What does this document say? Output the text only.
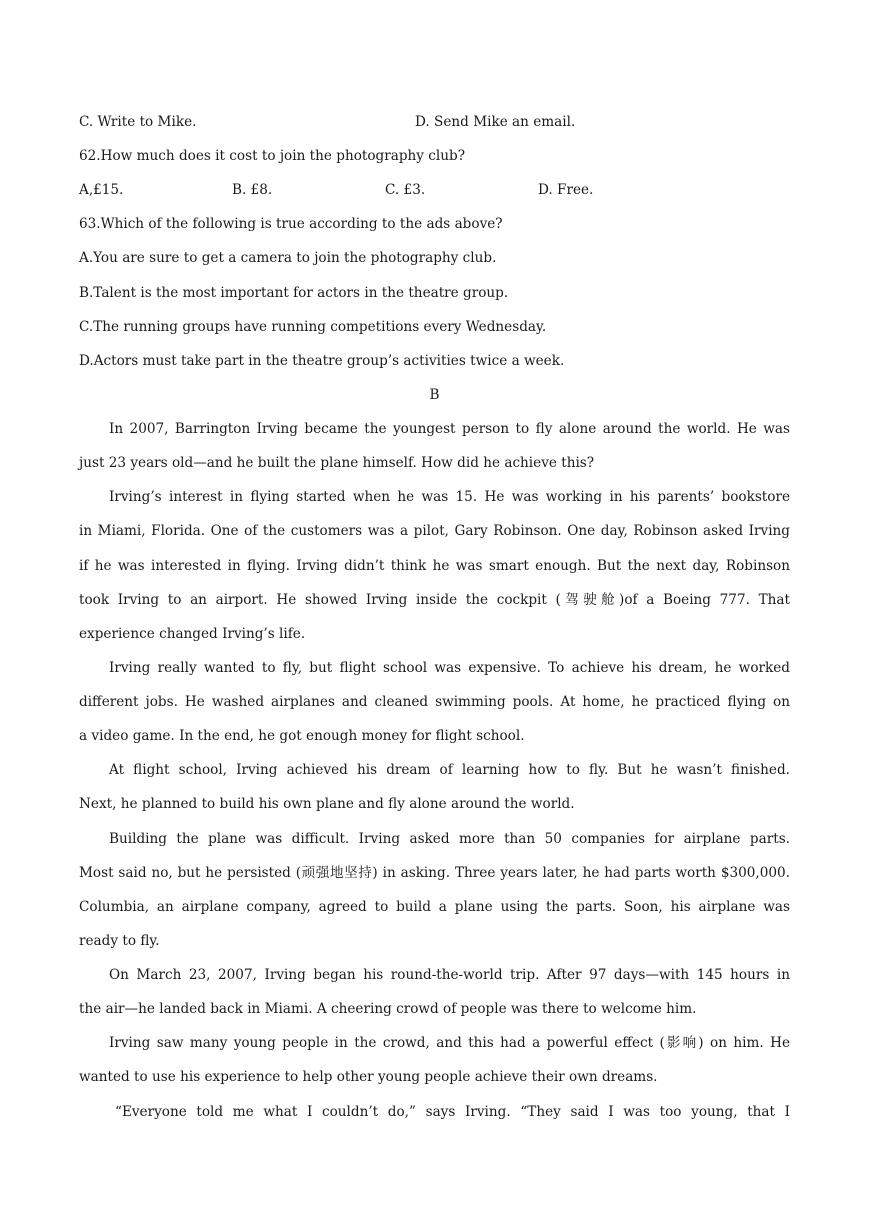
C. Write to Mike.	D. Send Mike an email.
62.How much does it cost to join the photography club?
A,£15.	B. £8.	C. £3.	D. Free.
63.Which of the following is true according to the ads above?
A.You are sure to get a camera to join the photography club.
B.Talent is the most important for actors in the theatre group.
C.The running groups have running competitions every Wednesday.
D.Actors must take part in the theatre group’s activities twice a week.
B
In 2007, Barrington Irving became the youngest person to fly alone around the world. He was
just 23 years old—and he built the plane himself. How did he achieve this?
Irving’s interest in flying started when he was 15. He was working in his parents’ bookstore
in Miami, Florida. One of the customers was a pilot, Gary Robinson. One day, Robinson asked Irving
if he was interested in flying. Irving didn’t think he was smart enough. But the next day, Robinson
took Irving to an airport. He showed Irving inside the cockpit (驾驶舱)of a Boeing 777. That
experience changed Irving’s life.
Irving really wanted to fly, but flight school was expensive. To achieve his dream, he worked
different jobs. He washed airplanes and cleaned swimming pools. At home, he practiced flying on
a video game. In the end, he got enough money for flight school.
At flight school, Irving achieved his dream of learning how to fly. But he wasn’t finished.
Next, he planned to build his own plane and fly alone around the world.
Building the plane was difficult. Irving asked more than 50 companies for airplane parts.
Most said no, but he persisted (顽强地坚持) in asking. Three years later, he had parts worth $300,000.
Columbia, an airplane company, agreed to build a plane using the parts. Soon, his airplane was
ready to fly.
On March 23, 2007, Irving began his round-the-world trip. After 97 days—with 145 hours in
the air—he landed back in Miami. A cheering crowd of people was there to welcome him.
Irving saw many young people in the crowd, and this had a powerful effect (影响) on him. He
wanted to use his experience to help other young people achieve their own dreams.
“Everyone told me what I couldn’t do,” says Irving. “They said I was too young, that I
